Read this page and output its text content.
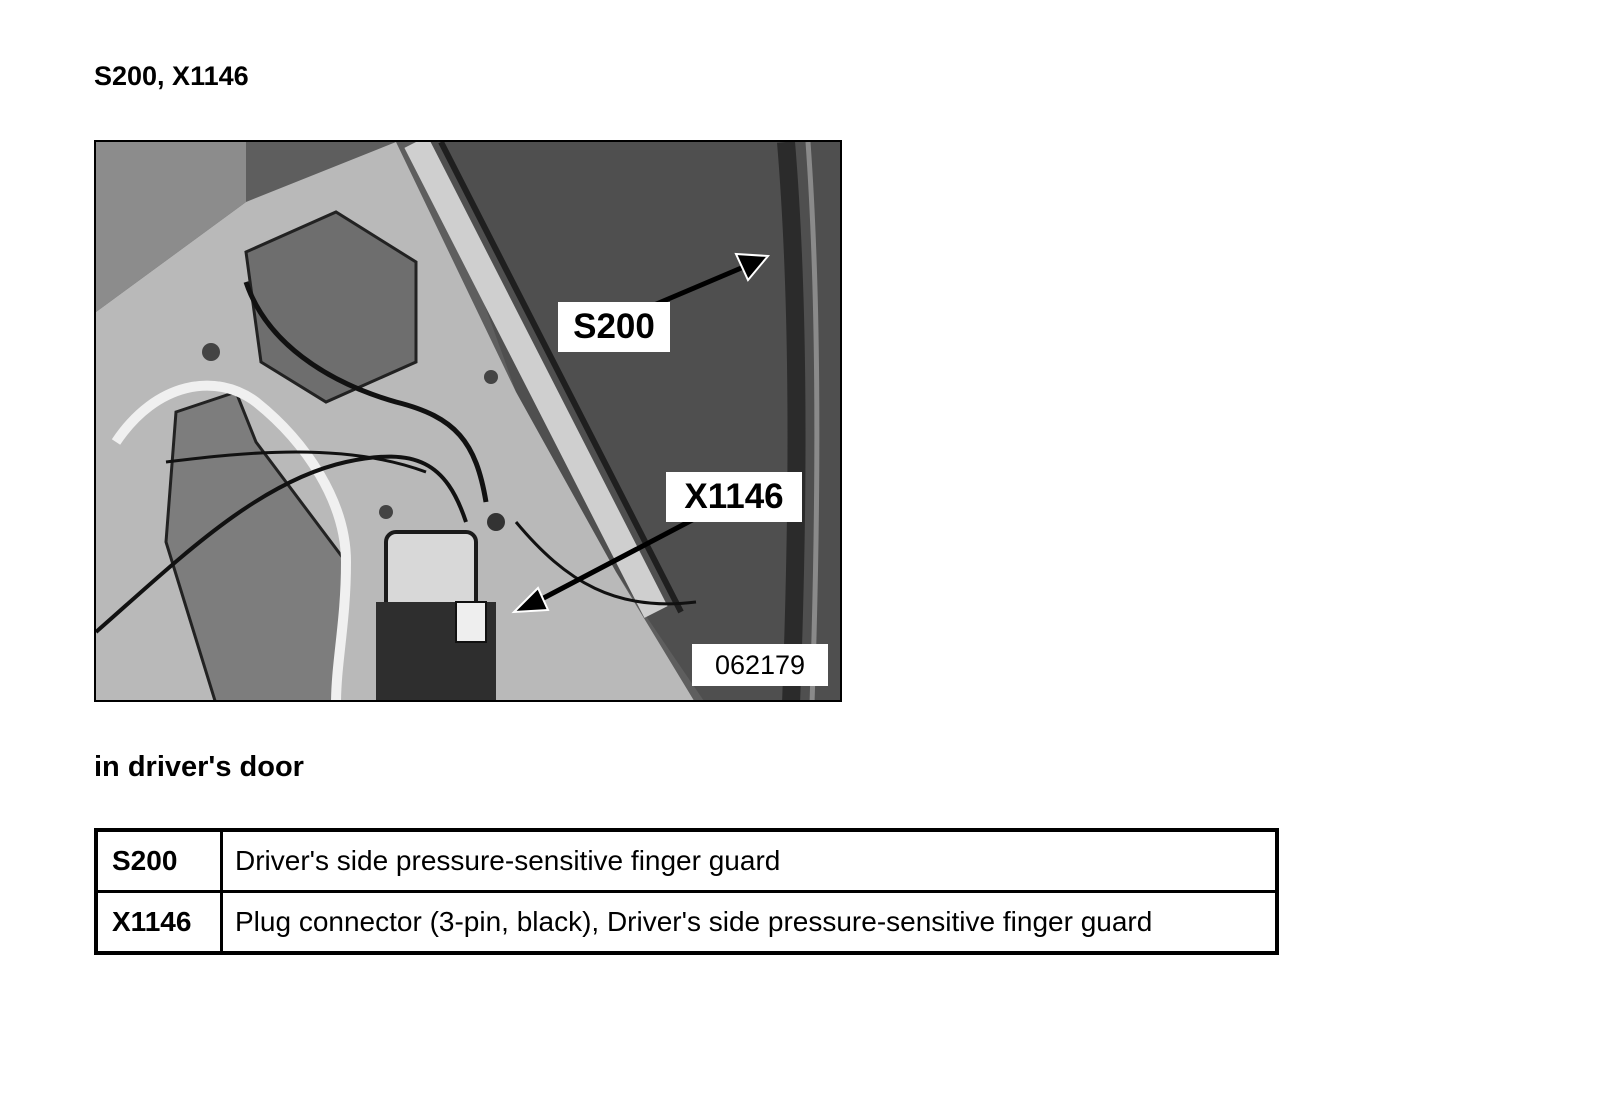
S200, X1146
S200
X1146
062179
in driver's door
S200	Driver's side pressure-sensitive finger guard
X1146	Plug connector (3-pin, black), Driver's side pressure-sensitive finger guard
